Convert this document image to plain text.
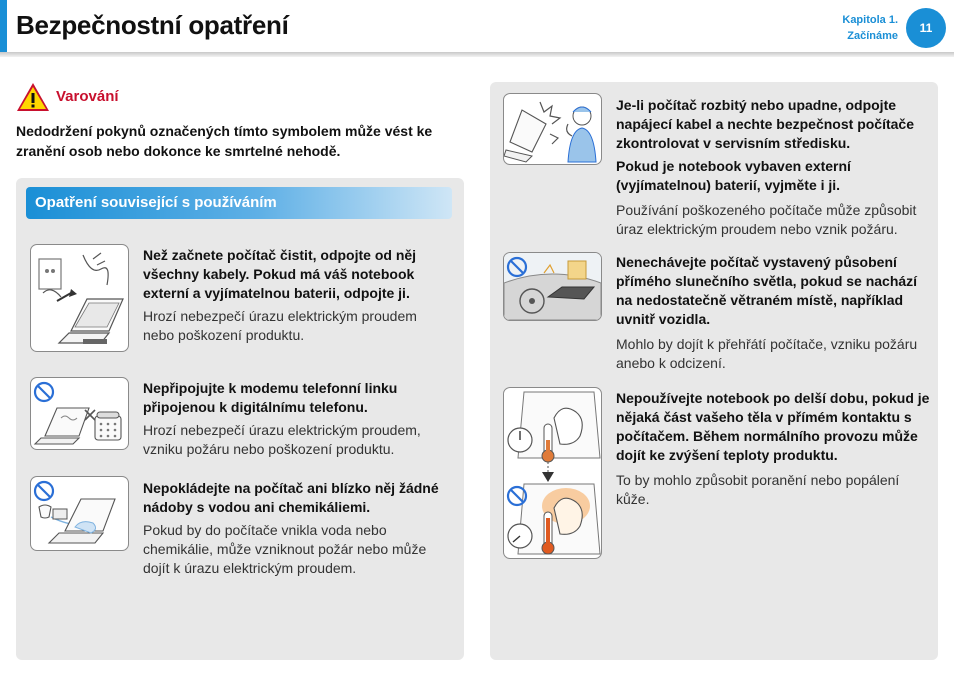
Bezpečnostní opatření	Kapitola 1.
Začínáme
11
Varování
Nedodržení pokynů označených tímto symbolem může vést ke zranění osob nebo dokonce ke smrtelné nehodě.
Opatření související s používáním
Než začnete počítač čistit, odpojte od něj všechny kabely. Pokud má váš notebook externí a vyjímatelnou baterii, odpojte ji.
Hrozí nebezpečí úrazu elektrickým proudem nebo poškození produktu.
Nepřipojujte k modemu telefonní linku připojenou k digitálnímu telefonu.
Hrozí nebezpečí úrazu elektrickým proudem, vzniku požáru nebo poškození produktu.
Nepokládejte na počítač ani blízko něj žádné nádoby s vodou ani chemikáliemi.
Pokud by do počítače vnikla voda nebo chemikálie, může vzniknout požár nebo může dojít k úrazu elektrickým proudem.
Je-li počítač rozbitý nebo upadne, odpojte napájecí kabel a nechte bezpečnost počítače zkontrolovat v servisním středisku.
Pokud je notebook vybaven externí (vyjímatelnou) baterií, vyjměte i ji.
Používání poškozeného počítače může způsobit úraz elektrickým proudem nebo vznik požáru.
Nenechávejte počítač vystavený působení přímého slunečního světla, pokud se nachází na nedostatečně větraném místě, například uvnitř vozidla.
Mohlo by dojít k přehřátí počítače, vzniku požáru anebo k odcizení.
Nepoužívejte notebook po delší dobu, pokud je nějaká část vašeho těla v přímém kontaktu s počítačem. Během normálního provozu může dojít ke zvýšení teploty produktu.
To by mohlo způsobit poranění nebo popálení kůže.
